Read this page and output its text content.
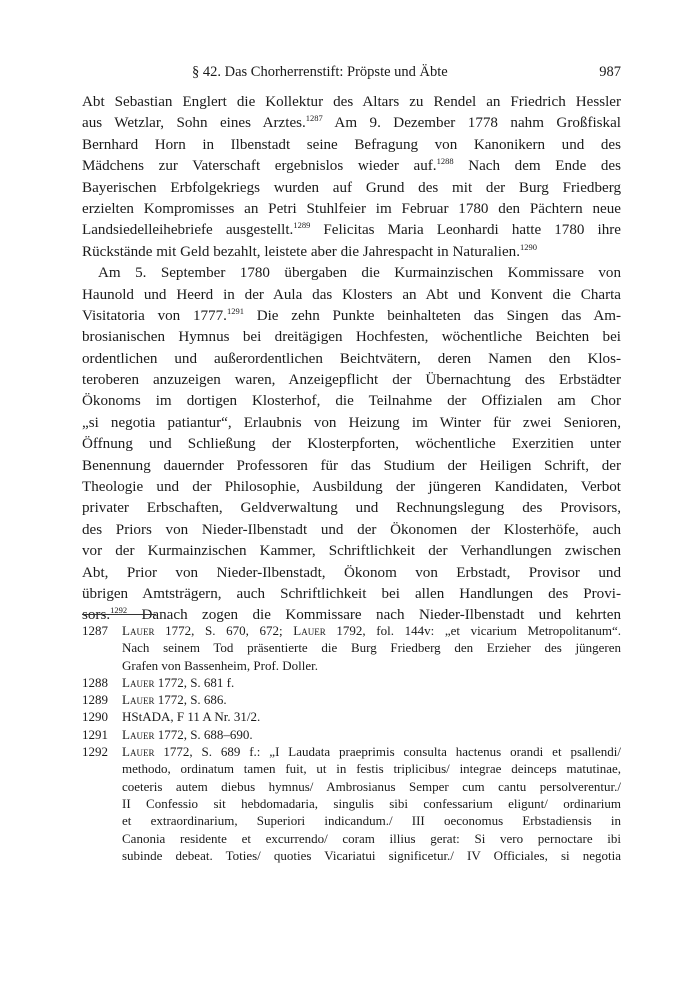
§ 42. Das Chorherrenstift: Pröpste und Äbte	987
Abt Sebastian Englert die Kollektur des Altars zu Rendel an Friedrich Hessler
aus Wetzlar, Sohn eines Arztes.$^{1287}$ Am 9. Dezember 1778 nahm Großfiskal
Bernhard Horn in Ilbenstadt seine Befragung von Kanonikern und des
Mädchens zur Vaterschaft ergebnislos wieder auf.$^{1288}$ Nach dem Ende des
Bayerischen Erbfolgekriegs wurden auf Grund des mit der Burg Friedberg
erzielten Kompromisses an Petri Stuhlfeier im Februar 1780 den Pächtern neue
Landsiedelleihebriefe ausgestellt.$^{1289}$ Felicitas Maria Leonhardi hatte 1780 ihre
Rückstände mit Geld bezahlt, leistete aber die Jahrespacht in Naturalien.$^{1290}$
Am 5. September 1780 übergaben die Kurmainzischen Kommissare von
Haunold und Heerd in der Aula das Klosters an Abt und Konvent die Charta
Visitatoria von 1777.$^{1291}$ Die zehn Punkte beinhalteten das Singen das Am-
brosianischen Hymnus bei dreitägigen Hochfesten, wöchentliche Beichten bei
ordentlichen und außerordentlichen Beichtvätern, deren Namen den Klos-
teroberen anzuzeigen waren, Anzeigepflicht der Übernachtung des Erbstädter
Ökonoms im dortigen Klosterhof, die Teilnahme der Offizialen am Chor
„si negotia patiantur“, Erlaubnis von Heizung im Winter für zwei Senioren,
Öffnung und Schließung der Klosterpforten, wöchentliche Exerzitien unter
Benennung dauernder Professoren für das Studium der Heiligen Schrift, der
Theologie und der Philosophie, Ausbildung der jüngeren Kandidaten, Verbot
privater Erbschaften, Geldverwaltung und Rechnungslegung des Provisors,
des Priors von Nieder-Ilbenstadt und der Ökonomen der Klosterhöfe, auch
vor der Kurmainzischen Kammer, Schriftlichkeit der Verhandlungen zwischen
Abt, Prior von Nieder-Ilbenstadt, Ökonom von Erbstadt, Provisor und
übrigen Amtsträgern, auch Schriftlichkeit bei allen Handlungen des Provi-
sors.$^{1292}$ Danach zogen die Kommissare nach Nieder-Ilbenstadt und kehrten
1287 Lauer 1772, S. 670, 672; Lauer 1792, fol. 144v: „et vicarium Metropolitanum“.
Nach seinem Tod präsentierte die Burg Friedberg den Erzieher des jüngeren
Grafen von Bassenheim, Prof. Doller.
1288 Lauer 1772, S. 681 f.
1289 Lauer 1772, S. 686.
1290 HStADA, F 11 A Nr. 31/2.
1291 Lauer 1772, S. 688–690.
1292 Lauer 1772, S. 689 f.: „I Laudata praeprimis consulta hactenus orandi et psallendi/
methodo, ordinatum tamen fuit, ut in festis triplicibus/ integrae deinceps matutinae,
coeteris autem diebus hymnus/ Ambrosianus Semper cum cantu persolverentur./
II Confessio sit hebdomadaria, singulis sibi confessarium eligunt/ ordinarium
et extraordinarium, Superiori indicandum./ III oeconomus Erbstadiensis in
Canonia residente et excurrendo/ coram illius gerat: Si vero pernoctare ibi
subinde debeat. Toties/ quoties Vicariatui significetur./ IV Officiales, si negotia
